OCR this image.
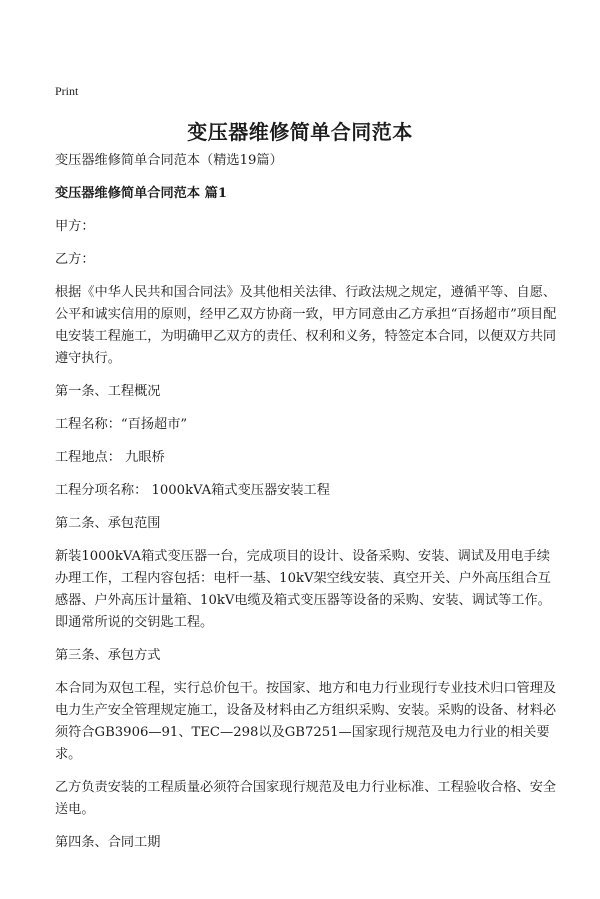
Print
变压器维修简单合同范本

变压器维修简单合同范本（精选19篇）

变压器维修简单合同范本 篇1

甲方：

乙方：

根据《中华人民共和国合同法》及其他相关法律、行政法规之规定，遵循平等、自愿、公平和诚实信用的原则，经甲乙双方协商一致，甲方同意由乙方承担“百扬超市”项目配电安装工程施工，为明确甲乙双方的责任、权利和义务，特签定本合同，以便双方共同遵守执行。

第一条、工程概况

工程名称：“百扬超市”

工程地点： 九眼桥

工程分项名称： 1000kVA箱式变压器安装工程

第二条、承包范围

新装1000kVA箱式变压器一台，完成项目的设计、设备采购、安装、调试及用电手续办理工作，工程内容包括：电杆一基、10kV架空线安装、真空开关、户外高压组合互感器、户外高压计量箱、10kV电缆及箱式变压器等设备的采购、安装、调试等工作。即通常所说的交钥匙工程。

第三条、承包方式

本合同为双包工程，实行总价包干。按国家、地方和电力行业现行专业技术归口管理及电力生产安全管理规定施工，设备及材料由乙方组织采购、安装。采购的设备、材料必须符合GB3906—91、TEC—298以及GB7251—国家现行规范及电力行业的相关要求。

乙方负责安装的工程质量必须符合国家现行规范及电力行业标准、工程验收合格、安全送电。

第四条、合同工期
